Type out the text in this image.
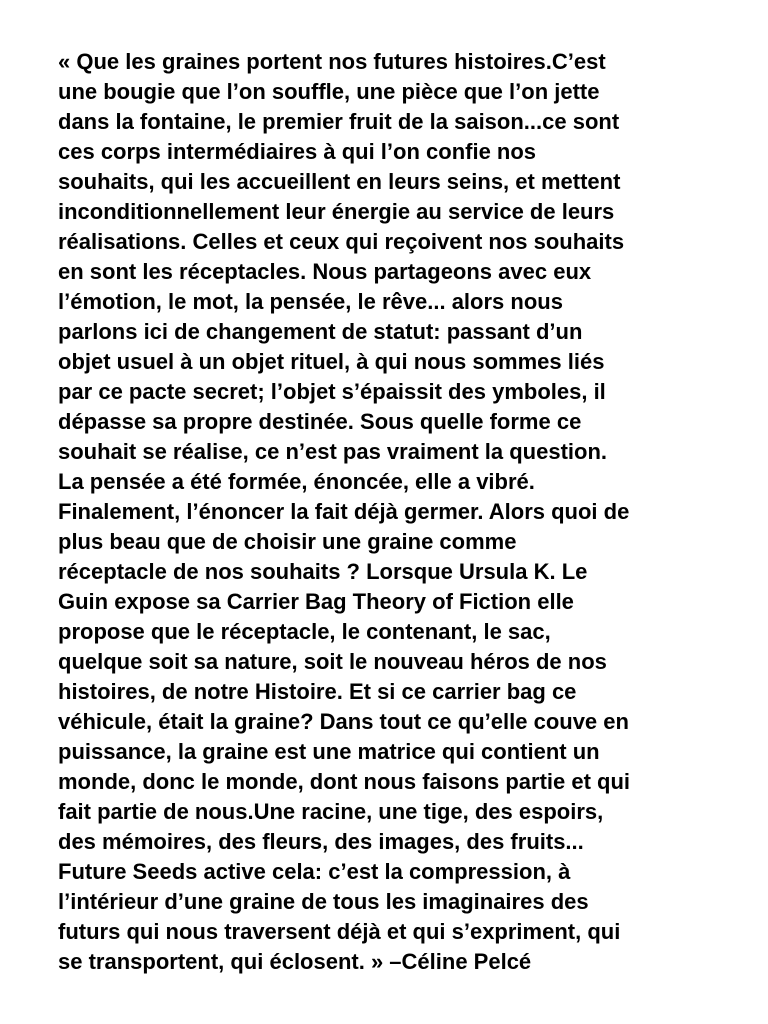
« Que les graines portent nos futures histoires.C’est
une bougie que l’on souffle, une pièce que l’on jette
dans la fontaine, le premier fruit de la saison...ce sont
ces corps intermédiaires à qui l’on confie nos
souhaits, qui les accueillent en leurs seins, et mettent
inconditionnellement leur énergie au service de leurs
réalisations. Celles et ceux qui reçoivent nos souhaits
en sont les réceptacles. Nous partageons avec eux
l’émotion, le mot, la pensée, le rêve... alors nous
parlons ici de changement de statut: passant d’un
objet usuel à un objet rituel, à qui nous sommes liés
par ce pacte secret; l’objet s’épaissit des ymboles, il
dépasse sa propre destinée. Sous quelle forme ce
souhait se réalise, ce n’est pas vraiment la question.
La pensée a été formée, énoncée, elle a vibré.
Finalement, l’énoncer la fait déjà germer. Alors quoi de
plus beau que de choisir une graine comme
réceptacle de nos souhaits ? Lorsque Ursula K. Le
Guin expose sa Carrier Bag Theory of Fiction elle
propose que le réceptacle, le contenant, le sac,
quelque soit sa nature, soit le nouveau héros de nos
histoires, de notre Histoire. Et si ce carrier bag ce
véhicule, était la graine? Dans tout ce qu’elle couve en
puissance, la graine est une matrice qui contient un
monde, donc le monde, dont nous faisons partie et qui
fait partie de nous.Une racine, une tige, des espoirs,
des mémoires, des fleurs, des images, des fruits...
Future Seeds active cela: c’est la compression, à
l’intérieur d’une graine de tous les imaginaires des
futurs qui nous traversent déjà et qui s’expriment, qui
se transportent, qui éclosent. » –Céline Pelcé
